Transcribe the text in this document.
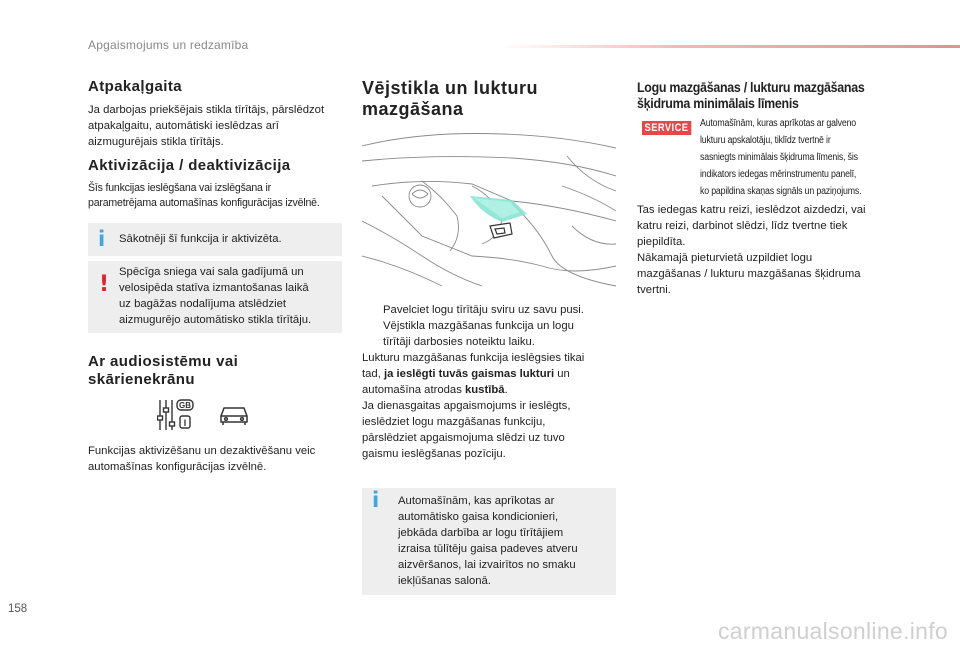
Apgaismojums un redzamība
Atpakaļgaita

Ja darbojas priekšējais stikla tīrītājs, pārslēdzot

atpakaļgaitu, automātiski ieslēdzas arī

aizmugurējais stikla tīrītājs.

Aktivizācija / deaktivizācija

Šīs funkcijas ieslēgšana vai izslēgšana ir

parametrējama automašīnas konfigurācijas izvēlnē.

i Sākotnēji šī funkcija ir aktivizēta.

! Spēcīga sniega vai sala gadījumā un

velosipēda statīva izmantošanas laikā

uz bagāžas nodalījuma atslēdziet

aizmugurējo automātisko stikla tīrītāju.

Ar audiosistēmu vai
skārienekrānu
GB
I

Funkcijas aktivizēšanu un dezaktivēšanu veic

automašīnas konfigurācijas izvēlnē.

Vējstikla un lukturu
mazgāšana

Pavelciet logu tīrītāju sviru uz savu pusi.

Vējstikla mazgāšanas funkcija un logu

tīrītāji darbosies noteiktu laiku.

Lukturu mazgāšanas funkcija ieslēgsies tikai

tad, ja ieslēgti tuvās gaismas lukturi un

automašīna atrodas kustībā.

Ja dienasgaitas apgaismojums ir ieslēgts,

ieslēdziet logu mazgāšanas funkciju,

pārslēdziet apgaismojuma slēdzi uz tuvo

gaismu ieslēgšanas pozīciju.

i Automašīnām, kas aprīkotas ar

automātisko gaisa kondicionieri,

jebkāda darbība ar logu tīrītājiem

izraisa tūlītēju gaisa padeves atveru

aizvēršanos, lai izvairītos no smaku

iekļūšanas salonā.

Logu mazgāšanas / lukturu mazgāšanas
šķidruma minimālais līmenis
SERVICE Automašīnām, kuras aprīkotas ar galveno

lukturu apskalotāju, tiklīdz tvertnē ir

sasniegts minimālais šķidruma līmenis, šis

indikators iedegas mērinstrumentu panelī,

ko papildina skaņas signāls un paziņojums.

Tas iedegas katru reizi, ieslēdzot aizdedzi, vai

katru reizi, darbinot slēdzi, līdz tvertne tiek

piepildīta.

Nākamajā pieturvietā uzpildiet logu

mazgāšanas / lukturu mazgāšanas šķidruma

tvertni.

158
carmanualsonline.info
